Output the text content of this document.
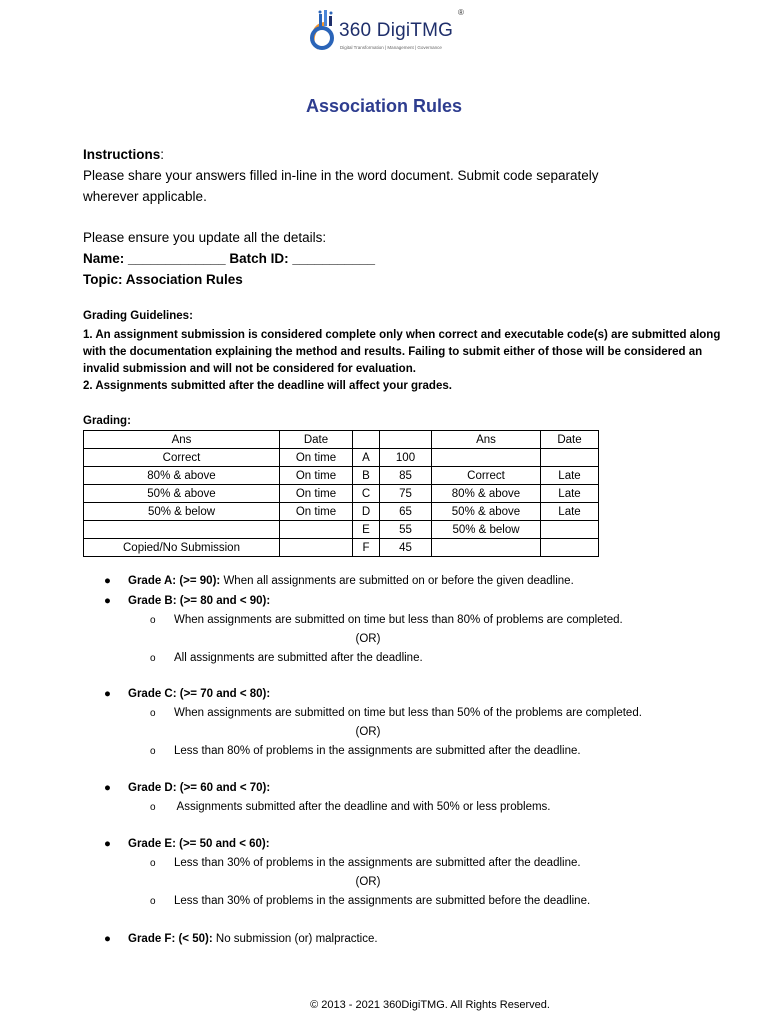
360 DigiTMG
®
Digital Transformation | Management | Governance
Association Rules
Instructions:
Please share your answers filled in-line in the word document. Submit code separately
wherever applicable.
Please ensure you update all the details:
Name: _____________ Batch ID: ___________
Topic: Association Rules
Grading Guidelines:
1. An assignment submission is considered complete only when correct and executable code(s) are submitted along
with the documentation explaining the method and results. Failing to submit either of those will be considered an
invalid submission and will not be considered for evaluation.
2. Assignments submitted after the deadline will affect your grades.
Grading:
Ans	Date			Ans	Date
Correct	On time	A	100		
80% & above	On time	B	85	Correct	Late
50% & above	On time	C	75	80% & above	Late
50% & below	On time	D	65	50% & above	Late
		E	55	50% & below	
Copied/No Submission		F	45		
● Grade A: (>= 90): When all assignments are submitted on or before the given deadline.
● Grade B: (>= 80 and < 90):
o When assignments are submitted on time but less than 80% of problems are completed.
(OR)
o All assignments are submitted after the deadline.
● Grade C: (>= 70 and < 80):
o When assignments are submitted on time but less than 50% of the problems are completed.
(OR)
o Less than 80% of problems in the assignments are submitted after the deadline.
● Grade D: (>= 60 and < 70):
o Assignments submitted after the deadline and with 50% or less problems.
● Grade E: (>= 50 and < 60):
o Less than 30% of problems in the assignments are submitted after the deadline.
(OR)
o Less than 30% of problems in the assignments are submitted before the deadline.
● Grade F: (< 50): No submission (or) malpractice.
© 2013 - 2021 360DigiTMG. All Rights Reserved.
